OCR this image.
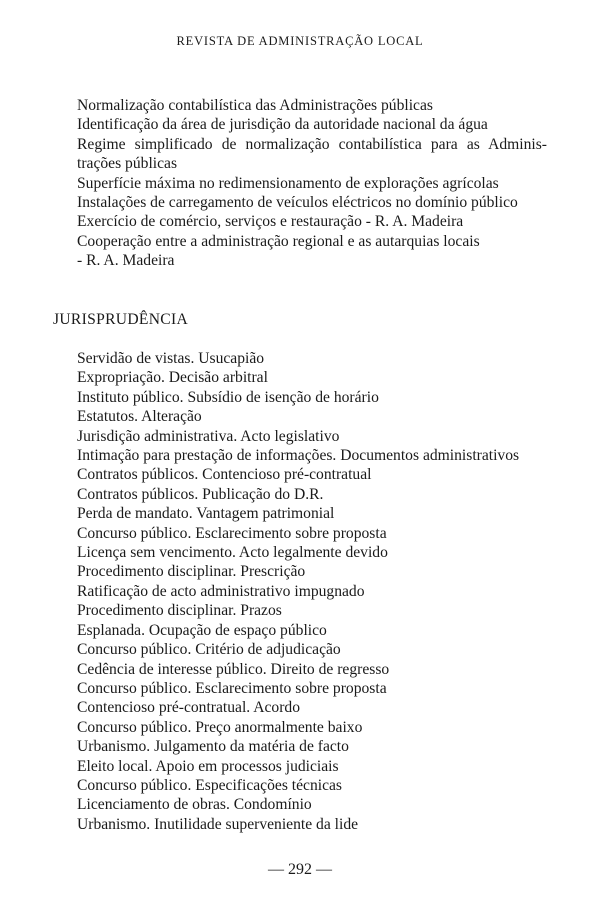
REVISTA DE ADMINISTRAÇÃO LOCAL
Normalização contabilística das Administrações públicas
Identificação da área de jurisdição da autoridade nacional da água
Regime simplificado de normalização contabilística para as Adminis-
trações públicas
Superfície máxima no redimensionamento de explorações agrícolas
Instalações de carregamento de veículos eléctricos no domínio público
Exercício de comércio, serviços e restauração - R. A. Madeira
Cooperação entre a administração regional e as autarquias locais
- R. A. Madeira
JURISPRUDÊNCIA
Servidão de vistas. Usucapião
Expropriação. Decisão arbitral
Instituto público. Subsídio de isenção de horário
Estatutos. Alteração
Jurisdição administrativa. Acto legislativo
Intimação para prestação de informações. Documentos administrativos
Contratos públicos. Contencioso pré-contratual
Contratos públicos. Publicação do D.R.
Perda de mandato. Vantagem patrimonial
Concurso público. Esclarecimento sobre proposta
Licença sem vencimento. Acto legalmente devido
Procedimento disciplinar. Prescrição
Ratificação de acto administrativo impugnado
Procedimento disciplinar. Prazos
Esplanada. Ocupação de espaço público
Concurso público. Critério de adjudicação
Cedência de interesse público. Direito de regresso
Concurso público. Esclarecimento sobre proposta
Contencioso pré-contratual. Acordo
Concurso público. Preço anormalmente baixo
Urbanismo. Julgamento da matéria de facto
Eleito local. Apoio em processos judiciais
Concurso público. Especificações técnicas
Licenciamento de obras. Condomínio
Urbanismo. Inutilidade superveniente da lide
— 292 —
